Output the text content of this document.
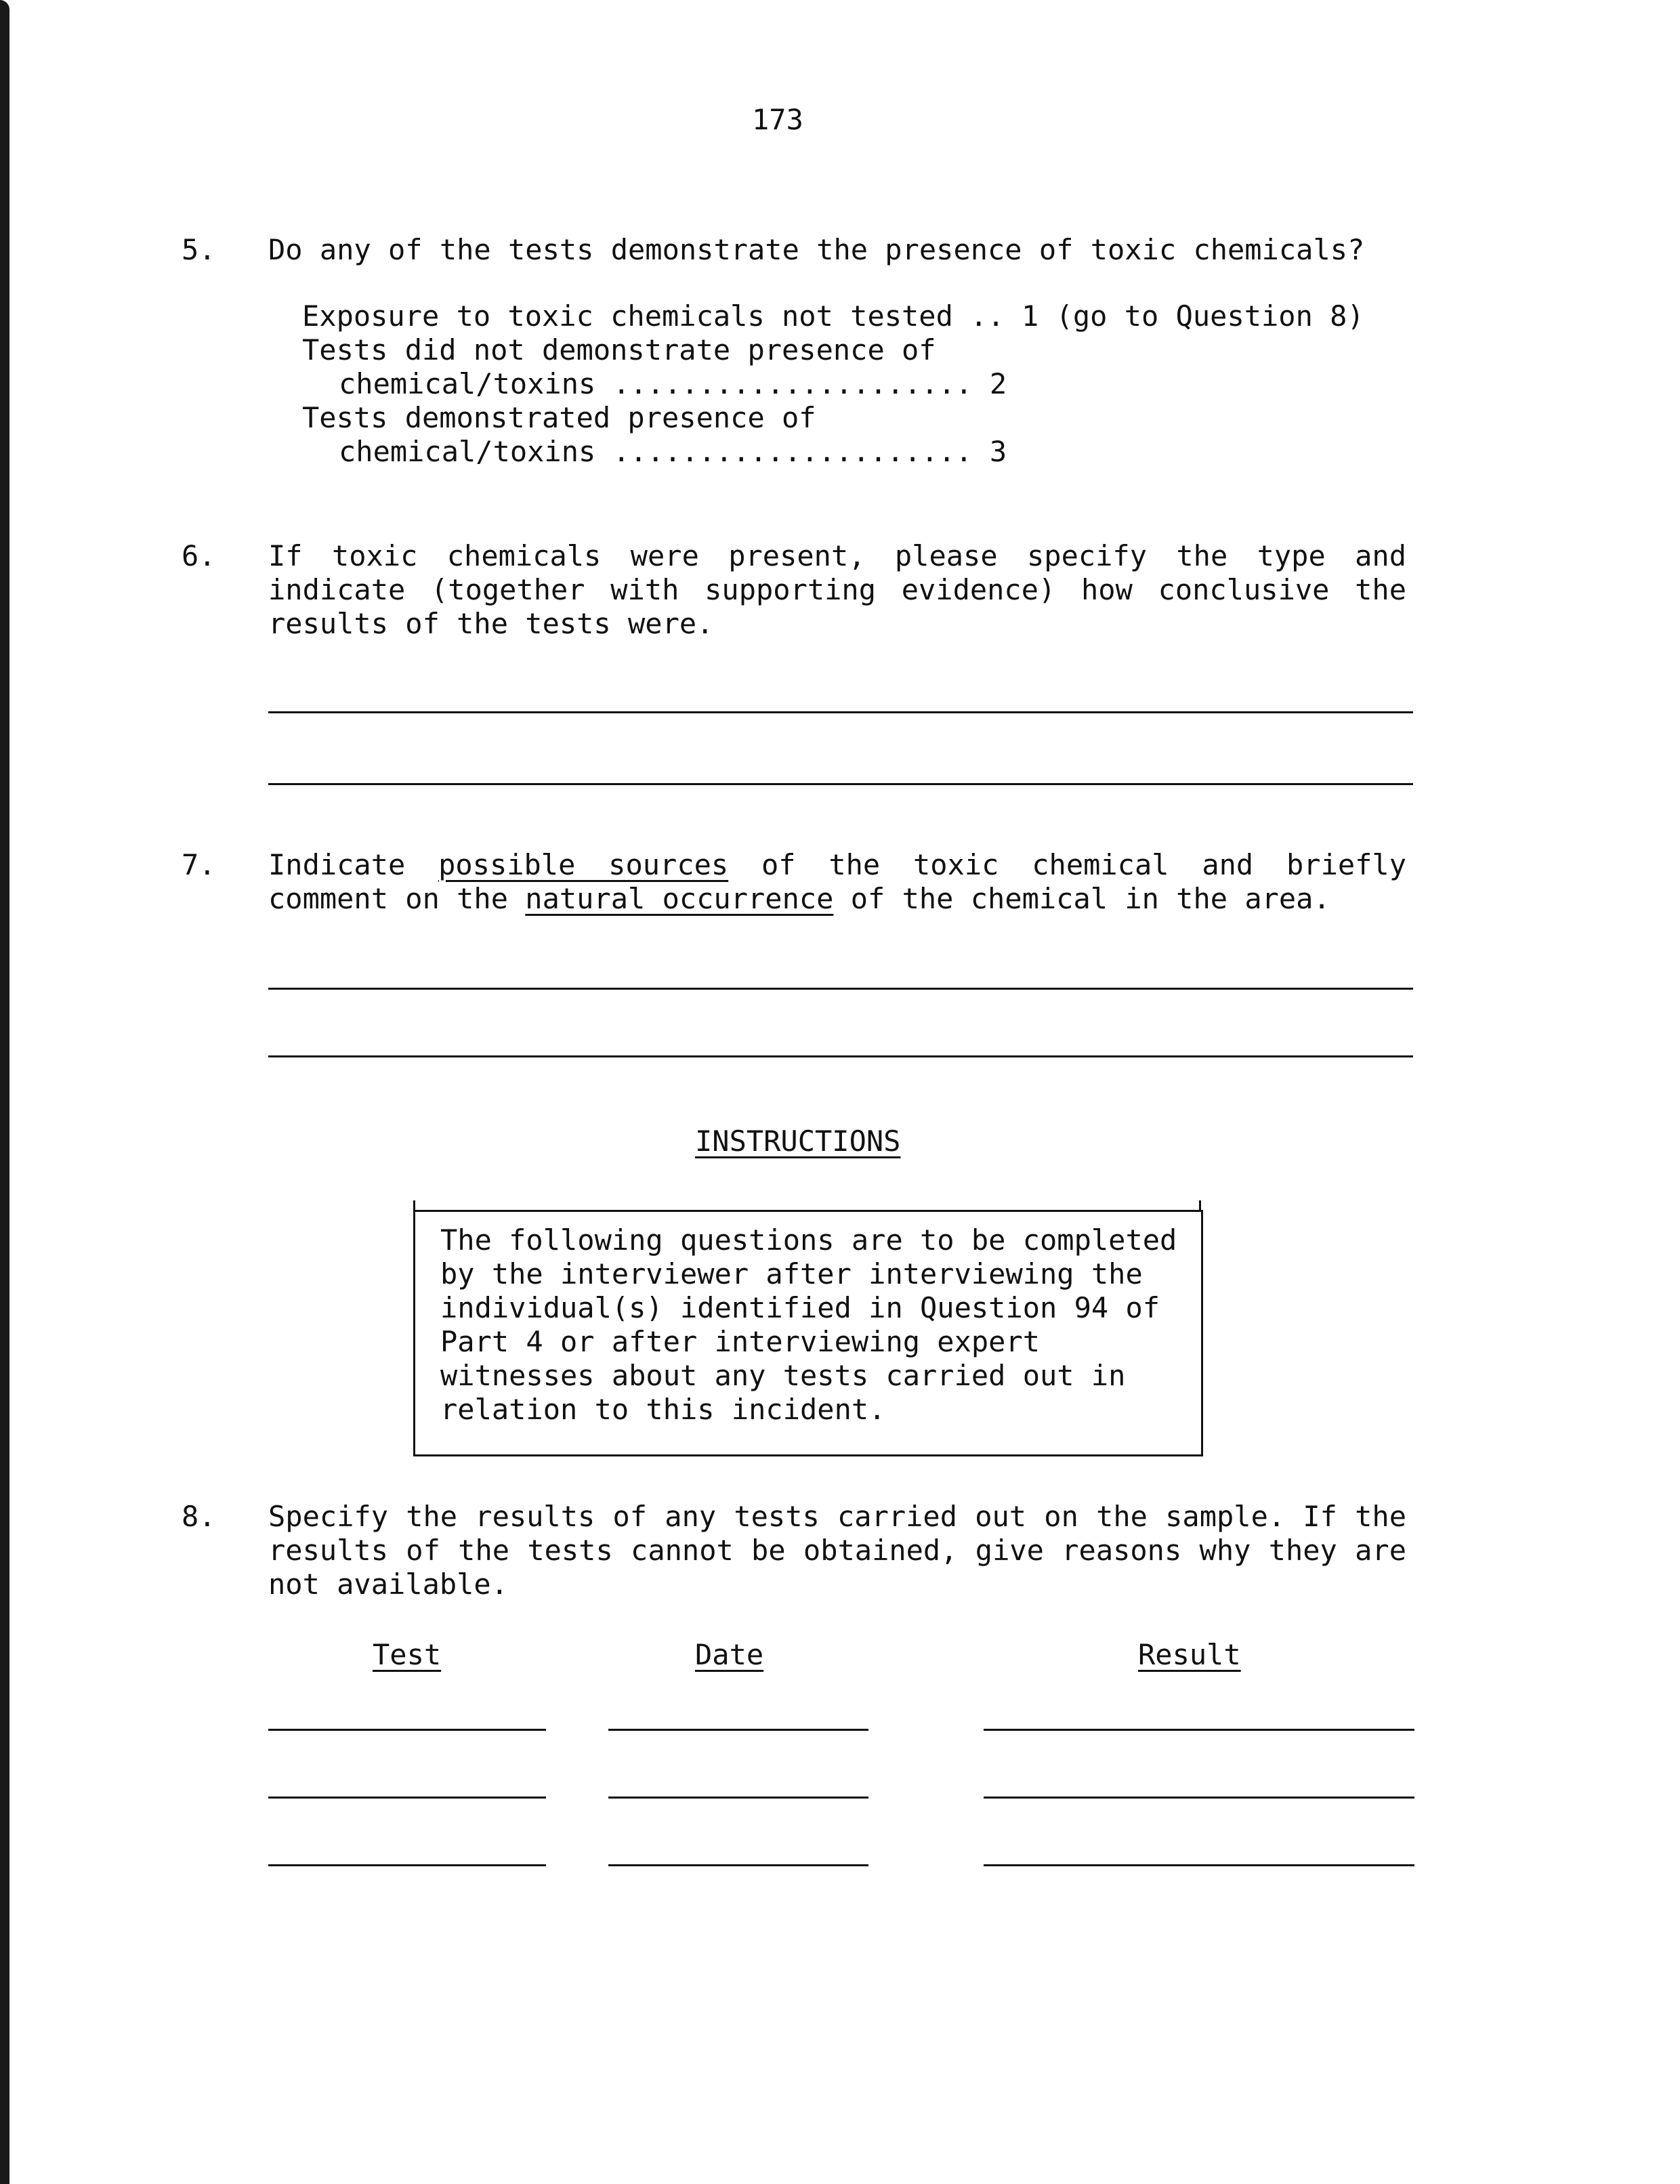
173
5. Do any of the tests demonstrate the presence of toxic chemicals?
Exposure to toxic chemicals not tested .. 1 (go to Question 8)
Tests did not demonstrate presence of
chemical/toxins ..................... 2
Tests demonstrated presence of
chemical/toxins ..................... 3
6. If toxic chemicals were present, please specify the type and indicate (together with supporting evidence) how conclusive the results of the tests were.
7. Indicate possible sources of the toxic chemical and briefly comment on the natural occurrence of the chemical in the area.
INSTRUCTIONS
The following questions are to be completed by the interviewer after interviewing the individual(s) identified in Question 94 of Part 4 or after interviewing expert witnesses about any tests carried out in relation to this incident.
8. Specify the results of any tests carried out on the sample. If the results of the tests cannot be obtained, give reasons why they are not available.
Test	Date	Result
